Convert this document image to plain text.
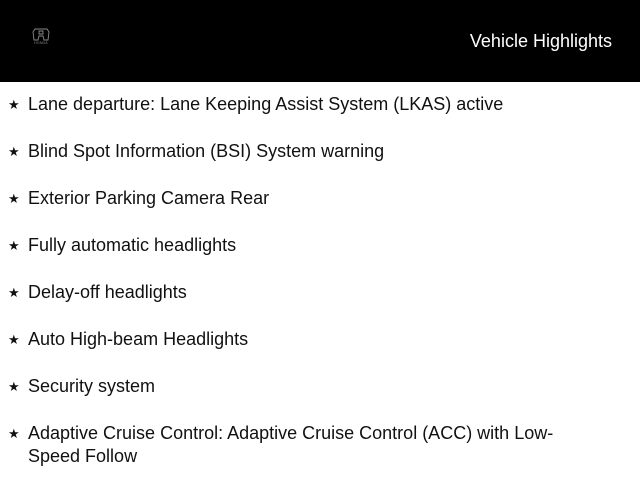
HONDA	Vehicle Highlights
★ Lane departure: Lane Keeping Assist System (LKAS) active
★ Blind Spot Information (BSI) System warning
★ Exterior Parking Camera Rear
★ Fully automatic headlights
★ Delay-off headlights
★ Auto High-beam Headlights
★ Security system
★ Adaptive Cruise Control: Adaptive Cruise Control (ACC) with Low-Speed Follow
